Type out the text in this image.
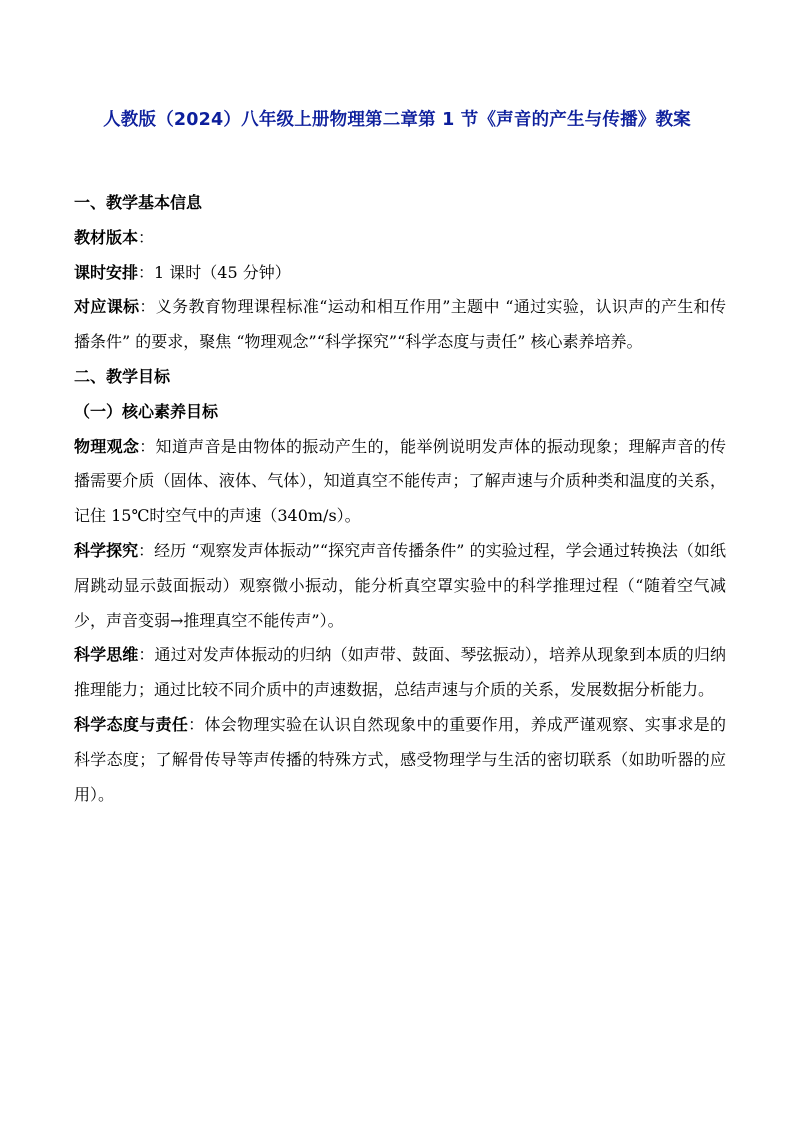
人教版（2024）八年级上册物理第二章第 1 节《声音的产生与传播》教案
一、教学基本信息
教材版本：
课时安排：1 课时（45 分钟）
对应课标：义务教育物理课程标准“运动和相互作用”主题中 “通过实验，认识声的产生和传播条件” 的要求，聚焦 “物理观念”“科学探究”“科学态度与责任” 核心素养培养。
二、教学目标
（一）核心素养目标
物理观念：知道声音是由物体的振动产生的，能举例说明发声体的振动现象；理解声音的传播需要介质（固体、液体、气体），知道真空不能传声；了解声速与介质种类和温度的关系，记住 15℃时空气中的声速（340m/s）。
科学探究：经历 “观察发声体振动”“探究声音传播条件” 的实验过程，学会通过转换法（如纸屑跳动显示鼓面振动）观察微小振动，能分析真空罩实验中的科学推理过程（“随着空气减少，声音变弱→推理真空不能传声”）。
科学思维：通过对发声体振动的归纳（如声带、鼓面、琴弦振动），培养从现象到本质的归纳推理能力；通过比较不同介质中的声速数据，总结声速与介质的关系，发展数据分析能力。
科学态度与责任：体会物理实验在认识自然现象中的重要作用，养成严谨观察、实事求是的科学态度；了解骨传导等声传播的特殊方式，感受物理学与生活的密切联系（如助听器的应用）。
